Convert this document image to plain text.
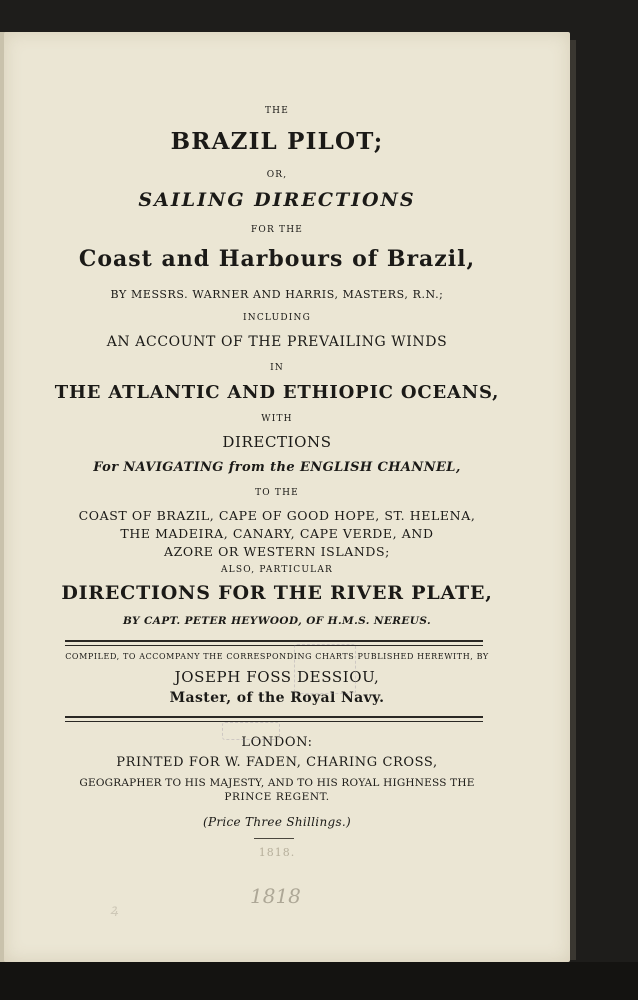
THE

BRAZIL PILOT;

OR,

SAILING DIRECTIONS

FOR THE

Coast and Harbours of Brazil,

BY MESSRS. WARNER AND HARRIS, MASTERS, R.N.;

INCLUDING

AN ACCOUNT OF THE PREVAILING WINDS

IN

THE ATLANTIC AND ETHIOPIC OCEANS,

WITH

DIRECTIONS

For NAVIGATING from the ENGLISH CHANNEL,

TO THE

COAST OF BRAZIL, CAPE OF GOOD HOPE, ST. HELENA,

THE MADEIRA, CANARY, CAPE VERDE, AND

AZORE OR WESTERN ISLANDS;

ALSO, PARTICULAR

DIRECTIONS FOR THE RIVER PLATE,

BY CAPT. PETER HEYWOOD, OF H.M.S. NEREUS.

COMPILED, TO ACCOMPANY THE CORRESPONDING CHARTS PUBLISHED HEREWITH, BY

JOSEPH FOSS DESSIOU,

Master, of the Royal Navy.

LONDON:

PRINTED FOR W. FADEN, CHARING CROSS,

GEOGRAPHER TO HIS MAJESTY, AND TO HIS ROYAL HIGHNESS THE

PRINCE REGENT.

(Price Three Shillings.)

1818.

1818
ꝝ
